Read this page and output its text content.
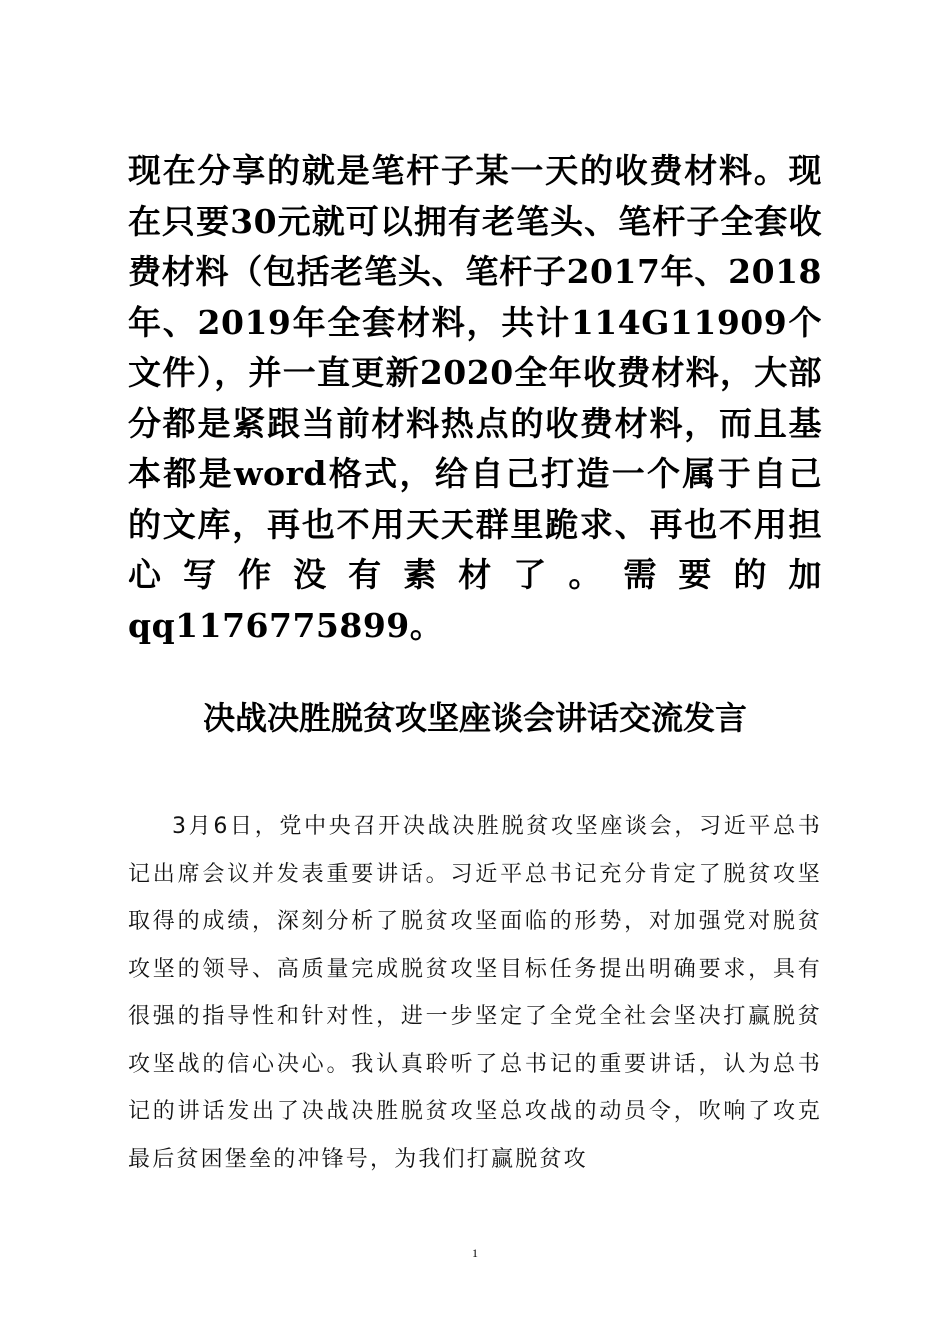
现在分享的就是笔杆子某一天的收费材料。现在只要30元就可以拥有老笔头、笔杆子全套收费材料（包括老笔头、笔杆子2017年、2018年、2019年全套材料，共计114G11909个文件），并一直更新2020全年收费材料，大部分都是紧跟当前材料热点的收费材料，而且基本都是word格式，给自己打造一个属于自己的文库，再也不用天天群里跪求、再也不用担心写作没有素材了。需要的加qq1176775899。

决战决胜脱贫攻坚座谈会讲话交流发言

3月6日，党中央召开决战决胜脱贫攻坚座谈会，习近平总书记出席会议并发表重要讲话。习近平总书记充分肯定了脱贫攻坚取得的成绩，深刻分析了脱贫攻坚面临的形势，对加强党对脱贫攻坚的领导、高质量完成脱贫攻坚目标任务提出明确要求，具有很强的指导性和针对性，进一步坚定了全党全社会坚决打赢脱贫攻坚战的信心决心。我认真聆听了总书记的重要讲话，认为总书记的讲话发出了决战决胜脱贫攻坚总攻战的动员令，吹响了攻克最后贫困堡垒的冲锋号，为我们打赢脱贫攻

1
